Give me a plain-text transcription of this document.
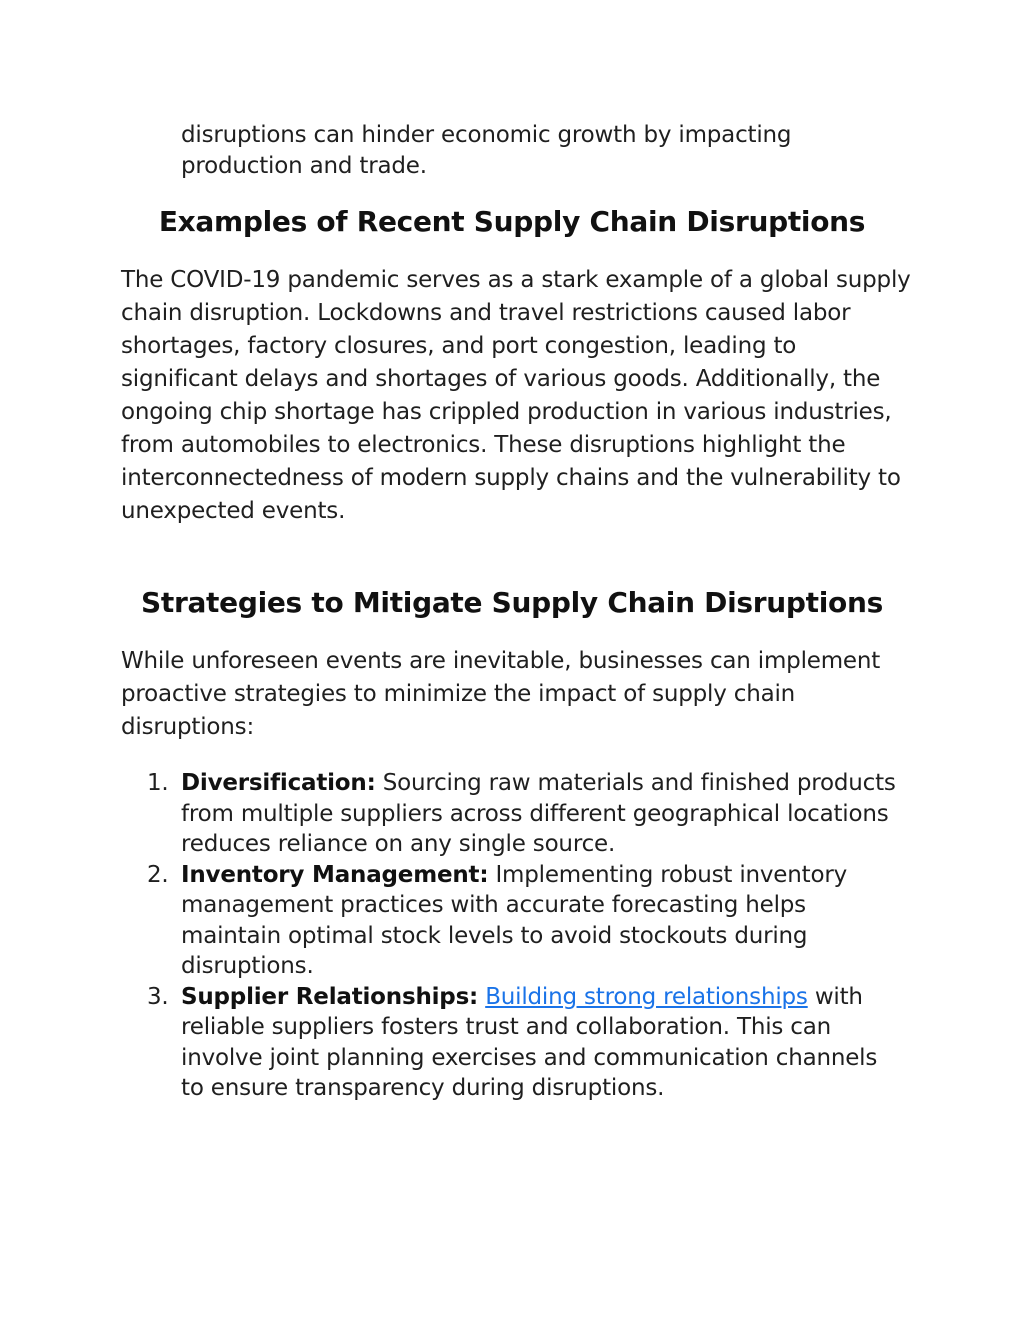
disruptions can hinder economic growth by impacting production and trade.

Examples of Recent Supply Chain Disruptions

The COVID-19 pandemic serves as a stark example of a global supply chain disruption. Lockdowns and travel restrictions caused labor shortages, factory closures, and port congestion, leading to significant delays and shortages of various goods. Additionally, the ongoing chip shortage has crippled production in various industries, from automobiles to electronics. These disruptions highlight the interconnectedness of modern supply chains and the vulnerability to unexpected events.

Strategies to Mitigate Supply Chain Disruptions

While unforeseen events are inevitable, businesses can implement proactive strategies to minimize the impact of supply chain disruptions:

1. Diversification: Sourcing raw materials and finished products from multiple suppliers across different geographical locations reduces reliance on any single source.
2. Inventory Management: Implementing robust inventory management practices with accurate forecasting helps maintain optimal stock levels to avoid stockouts during disruptions.
3. Supplier Relationships: Building strong relationships with reliable suppliers fosters trust and collaboration. This can involve joint planning exercises and communication channels to ensure transparency during disruptions.
